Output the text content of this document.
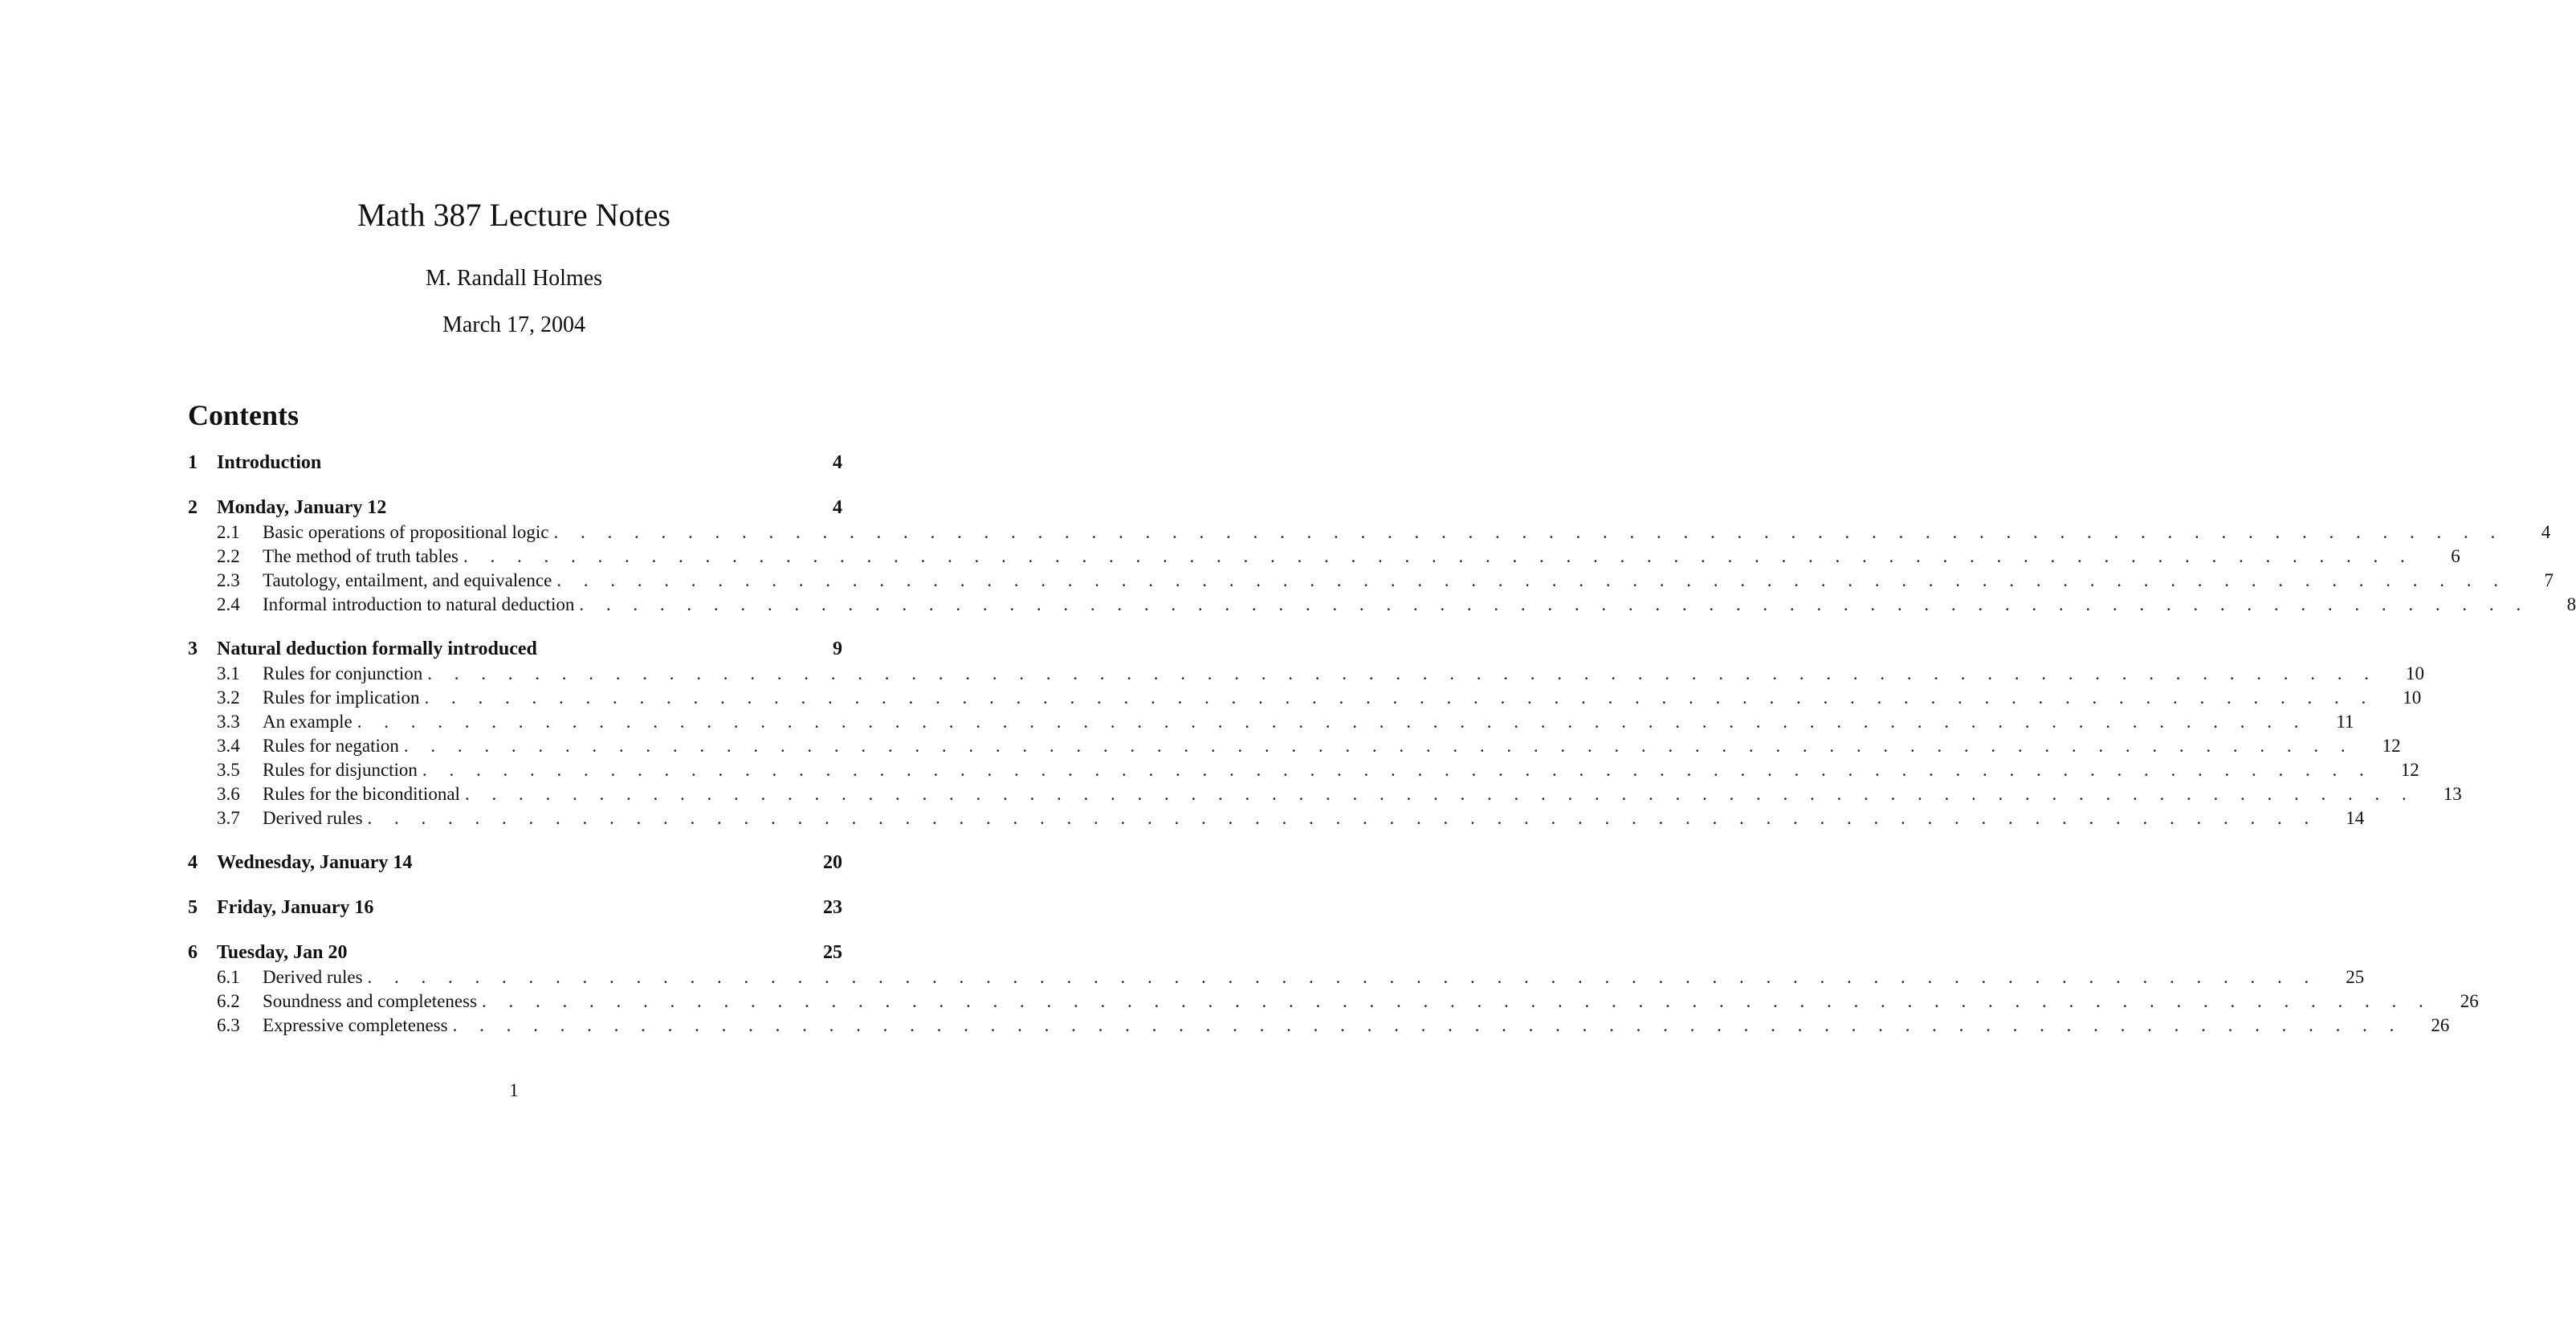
Math 387 Lecture Notes
M. Randall Holmes
March 17, 2004
Contents
1	Introduction	4
2	Monday, January 12	4
2.1	Basic operations of propositional logic . . . . . . . . . . . . . . . . . . . . . . . . . . . . . . . . . . . . . . . . . . . . . . . . . . . . . . . . . . . . . . . . . . . . . . . . .	4
2.2	The method of truth tables . . . . . . . . . . . . . . . . . . . . . . . . . . . . . . . . . . . . . . . . . . . . . . . . . . . . . . . . . . . . . . . . . . . . . . . . .	6
2.3	Tautology, entailment, and equivalence . . . . . . . . . . . . . . . . . . . . . . . . . . . . . . . . . . . . . . . . . . . . . . . . . . . . . . . . . . . . . . . . . . . . . . . . .	7
2.4	Informal introduction to natural deduction . . . . . . . . . . . . . . . . . . . . . . . . . . . . . . . . . . . . . . . . . . . . . . . . . . . . . . . . . . . . . . . . . . . . . . . . .	8
3	Natural deduction formally introduced	9
3.1	Rules for conjunction . . . . . . . . . . . . . . . . . . . . . . . . . . . . . . . . . . . . . . . . . . . . . . . . . . . . . . . . . . . . . . . . . . . . . . . . .	10
3.2	Rules for implication . . . . . . . . . . . . . . . . . . . . . . . . . . . . . . . . . . . . . . . . . . . . . . . . . . . . . . . . . . . . . . . . . . . . . . . . .	10
3.3	An example . . . . . . . . . . . . . . . . . . . . . . . . . . . . . . . . . . . . . . . . . . . . . . . . . . . . . . . . . . . . . . . . . . . . . . . . .	11
3.4	Rules for negation . . . . . . . . . . . . . . . . . . . . . . . . . . . . . . . . . . . . . . . . . . . . . . . . . . . . . . . . . . . . . . . . . . . . . . . . .	12
3.5	Rules for disjunction . . . . . . . . . . . . . . . . . . . . . . . . . . . . . . . . . . . . . . . . . . . . . . . . . . . . . . . . . . . . . . . . . . . . . . . . .	12
3.6	Rules for the biconditional . . . . . . . . . . . . . . . . . . . . . . . . . . . . . . . . . . . . . . . . . . . . . . . . . . . . . . . . . . . . . . . . . . . . . . . . .	13
3.7	Derived rules . . . . . . . . . . . . . . . . . . . . . . . . . . . . . . . . . . . . . . . . . . . . . . . . . . . . . . . . . . . . . . . . . . . . . . . . .	14
4	Wednesday, January 14	20
5	Friday, January 16	23
6	Tuesday, Jan 20	25
6.1	Derived rules . . . . . . . . . . . . . . . . . . . . . . . . . . . . . . . . . . . . . . . . . . . . . . . . . . . . . . . . . . . . . . . . . . . . . . . . .	25
6.2	Soundness and completeness . . . . . . . . . . . . . . . . . . . . . . . . . . . . . . . . . . . . . . . . . . . . . . . . . . . . . . . . . . . . . . . . . . . . . . . . .	26
6.3	Expressive completeness . . . . . . . . . . . . . . . . . . . . . . . . . . . . . . . . . . . . . . . . . . . . . . . . . . . . . . . . . . . . . . . . . . . . . . . . .	26
1
